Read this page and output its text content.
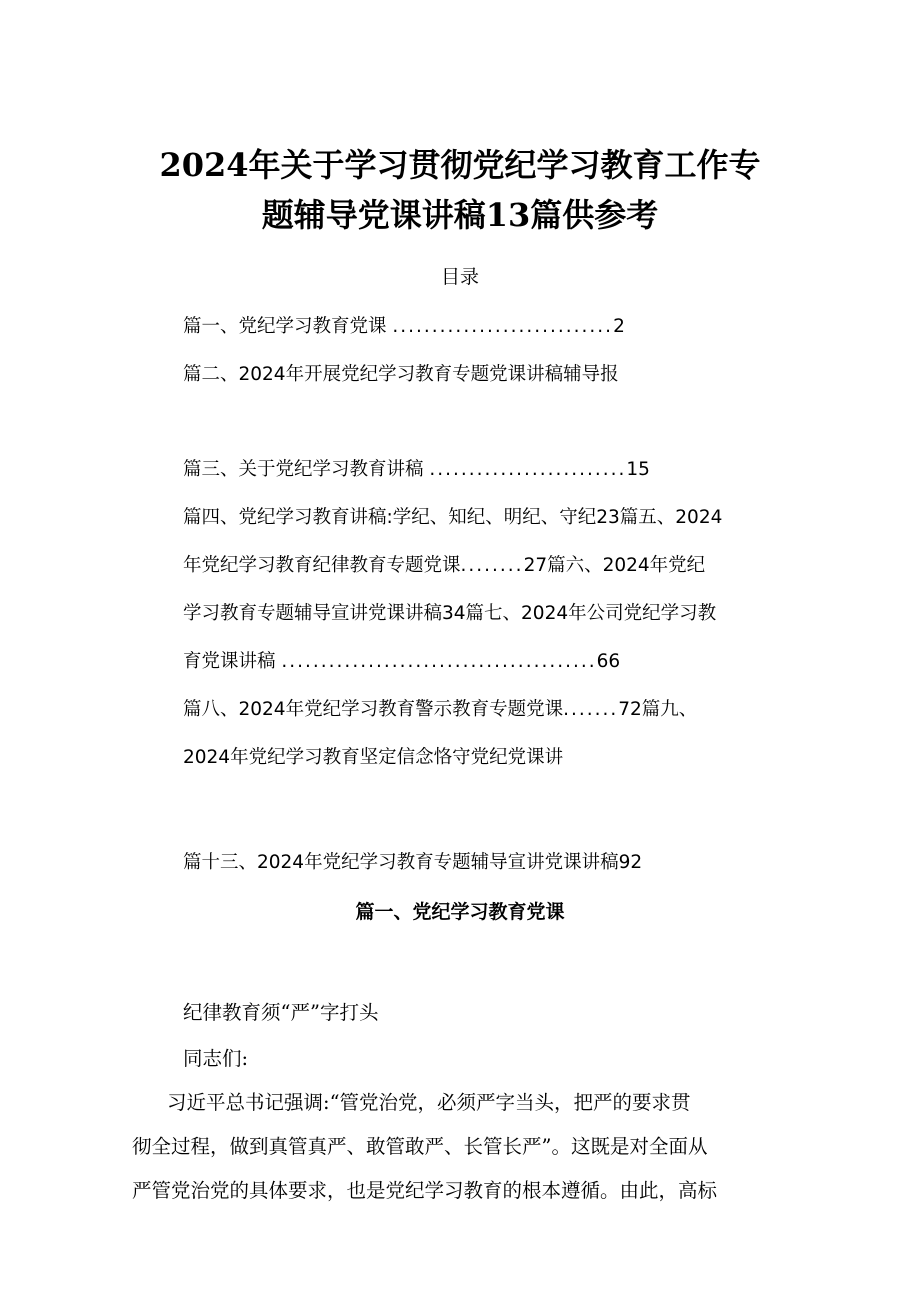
2024年关于学习贯彻党纪学习教育工作专
题辅导党课讲稿13篇供参考
目录
篇一、党纪学习教育党课 ............................2
篇二、2024年开展党纪学习教育专题党课讲稿辅导报
篇三、关于党纪学习教育讲稿 .........................15
篇四、党纪学习教育讲稿:学纪、知纪、明纪、守纪23篇五、2024
年党纪学习教育纪律教育专题党课........27篇六、2024年党纪
学习教育专题辅导宣讲党课讲稿34篇七、2024年公司党纪学习教
育党课讲稿 ........................................66
篇八、2024年党纪学习教育警示教育专题党课.......72篇九、
2024年党纪学习教育坚定信念恪守党纪党课讲
篇十三、2024年党纪学习教育专题辅导宣讲党课讲稿92
篇一、党纪学习教育党课
纪律教育须“严”字打头
同志们:
习近平总书记强调:“管党治党，必须严字当头，把严的要求贯
彻全过程，做到真管真严、敢管敢严、长管长严”。这既是对全面从
严管党治党的具体要求，也是党纪学习教育的根本遵循。由此，高标
